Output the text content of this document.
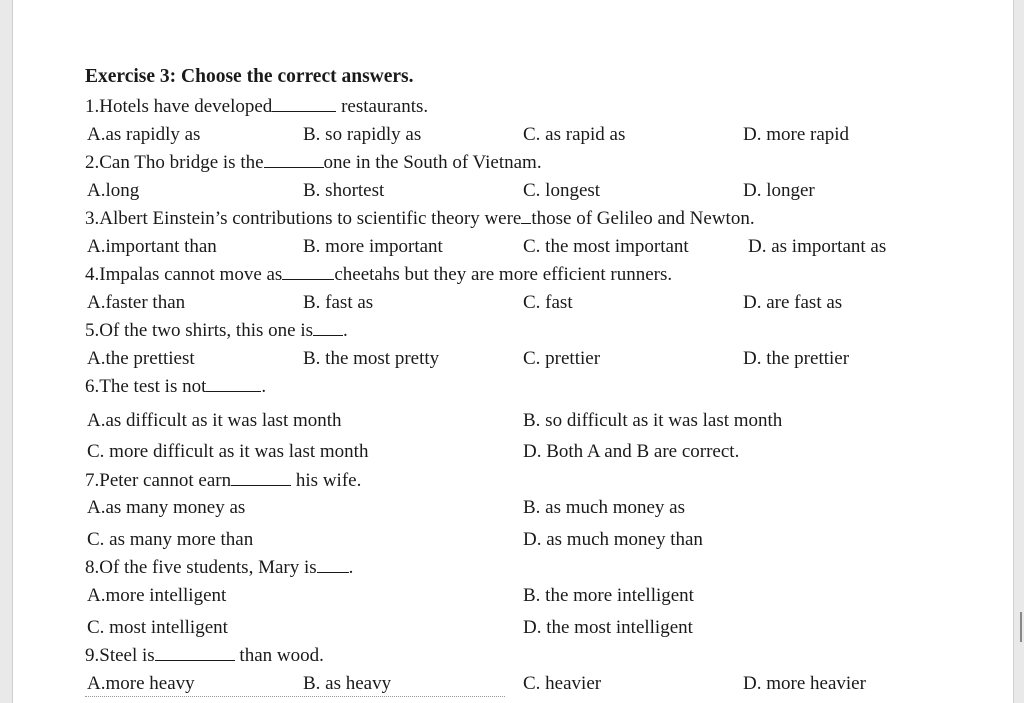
Exercise 3: Choose the correct answers.
1.Hotels have developed	restaurants.
A.as rapidly as	B. so rapidly as	C. as rapid as	D. more rapid
2.Can Tho bridge is the	one in the South of Vietnam.
A.long	B. shortest	C. longest	D. longer
3.Albert Einstein’s contributions to scientific theory were those of Gelileo and Newton.
A.important than	B. more important	C. the most important	D. as important as
4.Impalas cannot move as	cheetahs but they are more efficient runners.
A.faster than	B. fast as	C. fast	D. are fast as
5.Of the two shirts, this one is .
A.the prettiest	B. the most pretty	C. prettier	D. the prettier
6.The test is not	.
A.as difficult as it was last month	B. so difficult as it was last month
C. more difficult as it was last month	D. Both A and B are correct.
7.Peter cannot earn	his wife.
A.as many money as	B. as much money as
C. as many more than	D. as much money than
8.Of the five students, Mary is .
A.more intelligent	B. the more intelligent
C. most intelligent	D. the most intelligent
9.Steel is	than wood.
A.more heavy	B. as heavy	C. heavier	D. more heavier
